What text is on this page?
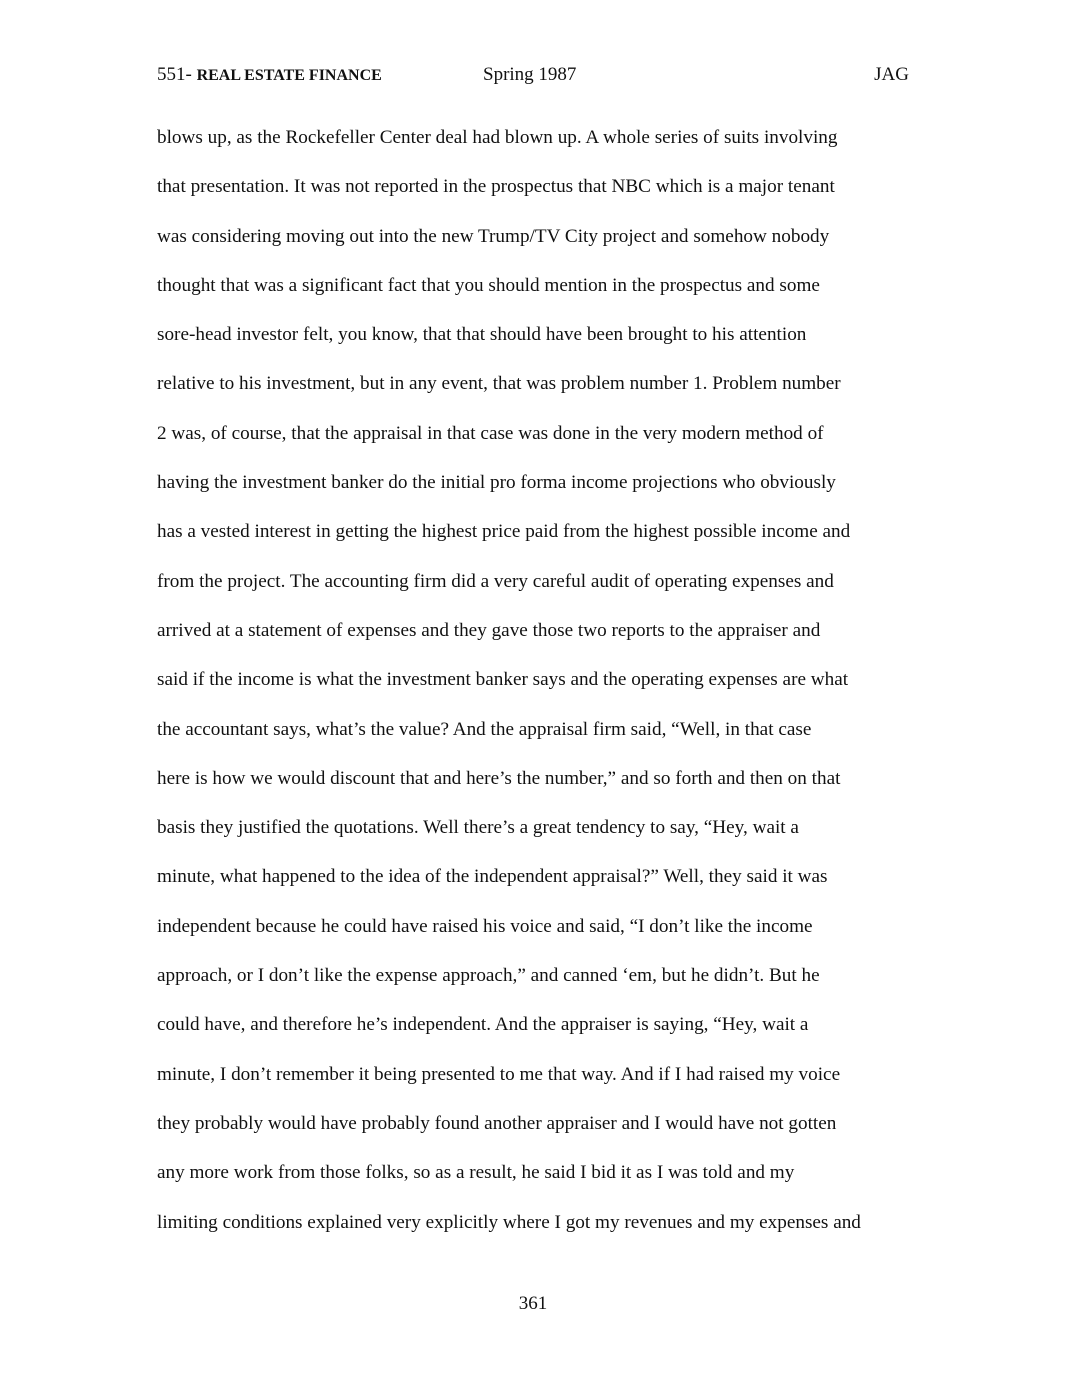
551- REAL ESTATE FINANCE	Spring 1987	JAG
blows up, as the Rockefeller Center deal had blown up. A whole series of suits involving
that presentation. It was not reported in the prospectus that NBC which is a major tenant
was considering moving out into the new Trump/TV City project and somehow nobody
thought that was a significant fact that you should mention in the prospectus and some
sore-head investor felt, you know, that that should have been brought to his attention
relative to his investment, but in any event, that was problem number 1. Problem number
2 was, of course, that the appraisal in that case was done in the very modern method of
having the investment banker do the initial pro forma income projections who obviously
has a vested interest in getting the highest price paid from the highest possible income and
from the project. The accounting firm did a very careful audit of operating expenses and
arrived at a statement of expenses and they gave those two reports to the appraiser and
said if the income is what the investment banker says and the operating expenses are what
the accountant says, what’s the value? And the appraisal firm said, “Well, in that case
here is how we would discount that and here’s the number,” and so forth and then on that
basis they justified the quotations. Well there’s a great tendency to say, “Hey, wait a
minute, what happened to the idea of the independent appraisal?” Well, they said it was
independent because he could have raised his voice and said, “I don’t like the income
approach, or I don’t like the expense approach,” and canned ‘em, but he didn’t. But he
could have, and therefore he’s independent. And the appraiser is saying, “Hey, wait a
minute, I don’t remember it being presented to me that way. And if I had raised my voice
they probably would have probably found another appraiser and I would have not gotten
any more work from those folks, so as a result, he said I bid it as I was told and my
limiting conditions explained very explicitly where I got my revenues and my expenses and
361
